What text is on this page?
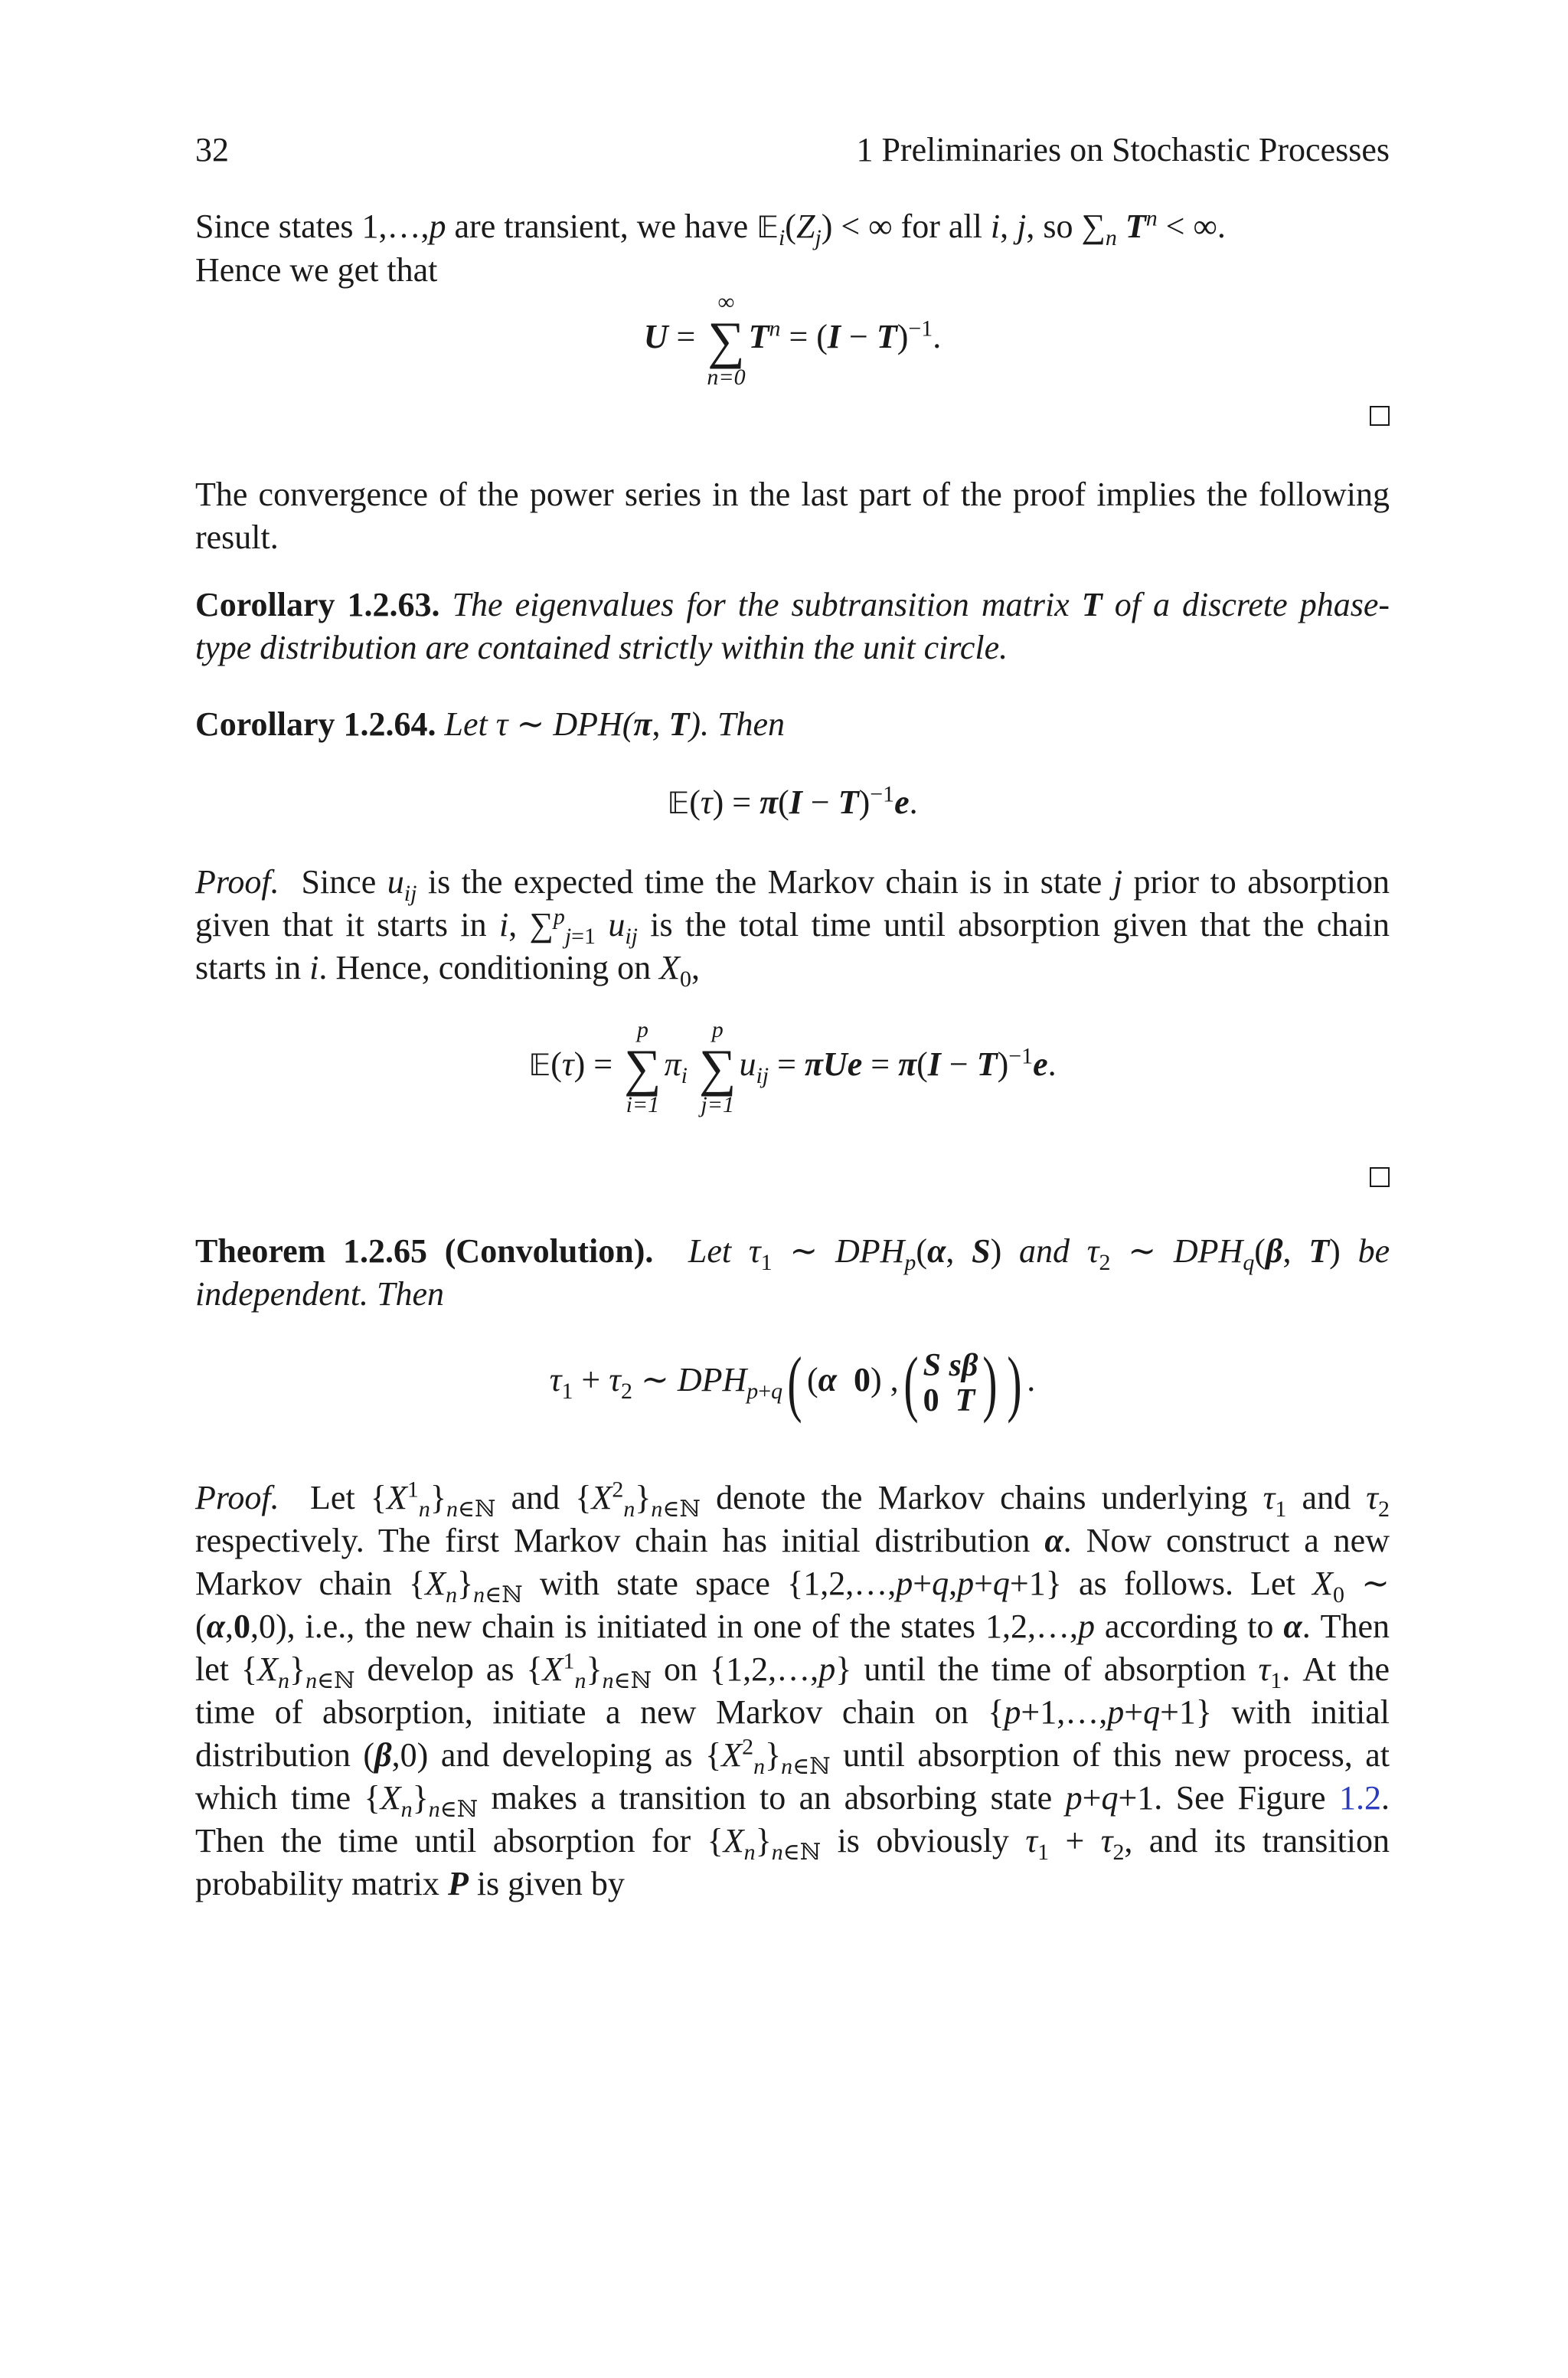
32	1 Preliminaries on Stochastic Processes
Since states 1,…,p are transient, we have $𝔼_i(Z_j)$ < ∞ for all i, j, so $\sum_n$ $T^n$ < ∞.
Hence we get that
U =
∞
∑
n=0
$T^n = (I - T)^{-1}$.
The convergence of the power series in the last part of the proof implies the following result.
Corollary 1.2.63. The eigenvalues for the subtransition matrix T of a discrete phase-type distribution are contained strictly within the unit circle.
Corollary 1.2.64. Let τ ∼ DPH(π, T). Then
𝔼(τ) = $\pi(I - T)^{-1}e$.
Proof.  Since $u_{ij}$ is the expected time the Markov chain is in state j prior to absorption given that it starts in i, ∑$^p_{j=1}$ $u_{ij}$ is the total time until absorption given that the chain starts in i. Hence, conditioning on $X_0$,
𝔼(τ) =
p
∑
i=1
$\pi_i$
p
∑
j=1
$u_{ij} = \pi Ue = \pi(I - T)^{-1}e$.
Theorem 1.2.65 (Convolution). Let $\tau_1$ ∼ $DPH_p(\alpha$, S) and $\tau_2$ ∼ $DPH_q(\beta$, T) be independent. Then
$\tau_1 + \tau_2$ ∼ $DPH_{p+q}$( (α 0) ,( S sβ
0 T ) ) .
Proof.  Let $\{X^1_n\}_{n\in ℕ}$ and $\{X^2_n\}_{n\in ℕ}$ denote the Markov chains underlying $\tau_1$ and $\tau_2$ respectively. The first Markov chain has initial distribution α. Now construct a new Markov chain $\{X_n\}_{n\in ℕ}$ with state space {1,2,…,p+q,p+q+1} as follows. Let $X_0$ ∼ (α,0,0), i.e., the new chain is initiated in one of the states 1,2,…,p according to α. Then let $\{X_n\}_{n\in ℕ}$ develop as $\{X^1_n\}_{n\in ℕ}$ on {1,2,…,p} until the time of absorption $\tau_1$. At the time of absorption, initiate a new Markov chain on {p+1,…,p+q+1} with initial distribution (β,0) and developing as $\{X^2_n\}_{n\in ℕ}$ until absorption of this new process, at which time $\{X_n\}_{n\in ℕ}$ makes a transition to an absorbing state p+q+1. See Figure 1.2. Then the time until absorption for $\{X_n\}_{n\in ℕ}$ is obviously $\tau_1 + \tau_2$, and its transition probability matrix P is given by
